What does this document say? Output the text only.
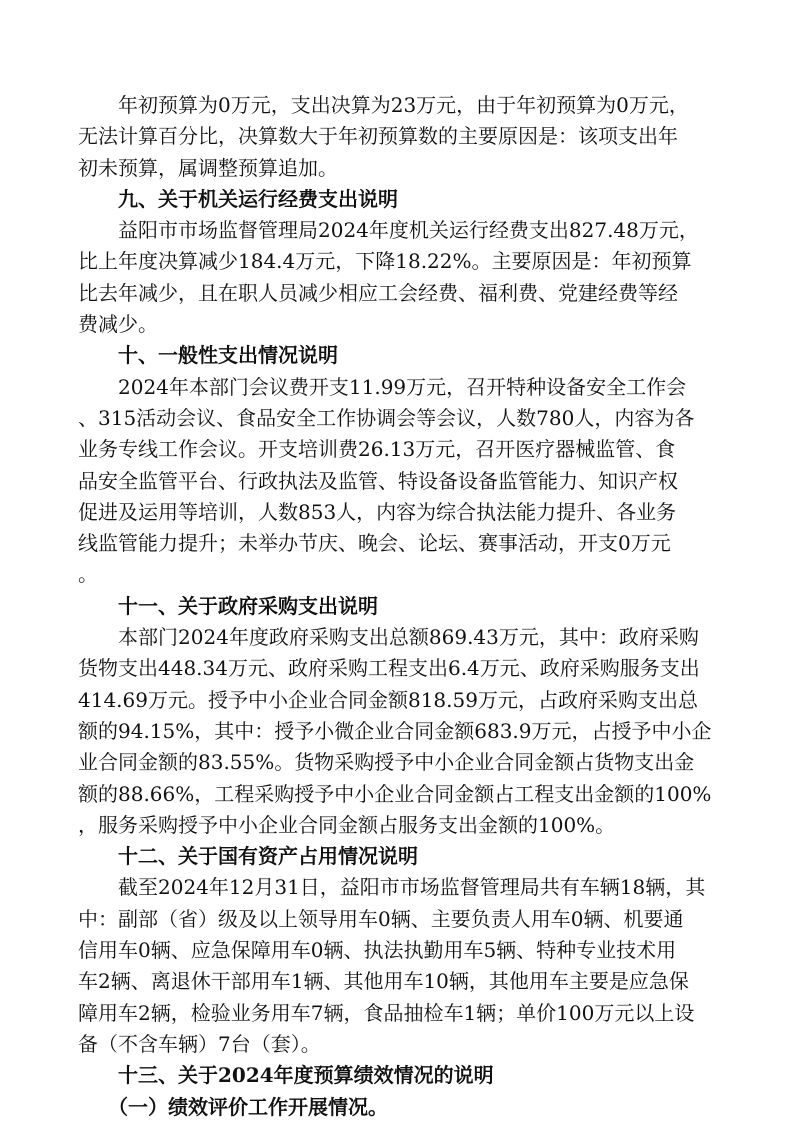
年初预算为0万元，支出决算为23万元，由于年初预算为0万元，
无法计算百分比，决算数大于年初预算数的主要原因是：该项支出年
初未预算，属调整预算追加。
九、关于机关运行经费支出说明
益阳市市场监督管理局2024年度机关运行经费支出827.48万元，
比上年度决算减少184.4万元，下降18.22%。主要原因是：年初预算
比去年减少，且在职人员减少相应工会经费、福利费、党建经费等经
费减少。
十、一般性支出情况说明
2024年本部门会议费开支11.99万元，召开特种设备安全工作会
、315活动会议、食品安全工作协调会等会议，人数780人，内容为各
业务专线工作会议。开支培训费26.13万元，召开医疗器械监管、食
品安全监管平台、行政执法及监管、特设备设备监管能力、知识产权
促进及运用等培训，人数853人，内容为综合执法能力提升、各业务
线监管能力提升；未举办节庆、晚会、论坛、赛事活动，开支0万元
。
十一、关于政府采购支出说明
本部门2024年度政府采购支出总额869.43万元，其中：政府采购
货物支出448.34万元、政府采购工程支出6.4万元、政府采购服务支出
414.69万元。授予中小企业合同金额818.59万元，占政府采购支出总
额的94.15%，其中：授予小微企业合同金额683.9万元，占授予中小企
业合同金额的83.55%。货物采购授予中小企业合同金额占货物支出金
额的88.66%，工程采购授予中小企业合同金额占工程支出金额的100%
，服务采购授予中小企业合同金额占服务支出金额的100%。
十二、关于国有资产占用情况说明
截至2024年12月31日，益阳市市场监督管理局共有车辆18辆，其
中：副部（省）级及以上领导用车0辆、主要负责人用车0辆、机要通
信用车0辆、应急保障用车0辆、执法执勤用车5辆、特种专业技术用
车2辆、离退休干部用车1辆、其他用车10辆，其他用车主要是应急保
障用车2辆，检验业务用车7辆，食品抽检车1辆；单价100万元以上设
备（不含车辆）7台（套）。
十三、关于2024年度预算绩效情况的说明
（一）绩效评价工作开展情况。
